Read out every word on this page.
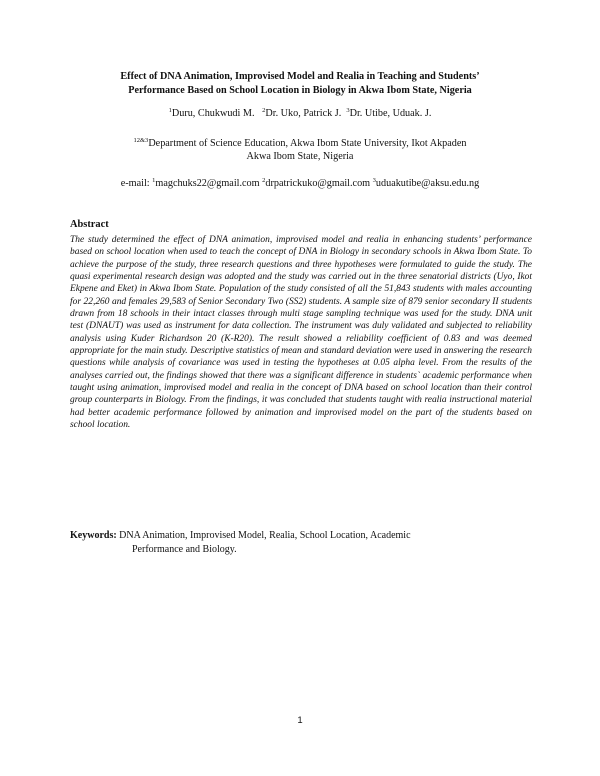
Effect of DNA Animation, Improvised Model and Realia in Teaching and Students’
Performance Based on School Location in Biology in Akwa Ibom State, Nigeria
$^1$Duru, Chukwudi M. $^2$Dr. Uko, Patrick J. $^3$Dr. Utibe, Uduak. J.
$^{12\&3}$Department of Science Education, Akwa Ibom State University, Ikot Akpaden
Akwa Ibom State, Nigeria
e-mail: $^1$magchuks22@gmail.com $^2$drpatrickuko@gmail.com $^3$uduakutibe@aksu.edu.ng
Abstract
The study determined the effect of DNA animation, improvised model and realia in enhancing students’ performance based on school location when used to teach the concept of DNA in Biology in secondary schools in Akwa Ibom State. To achieve the purpose of the study, three research questions and three hypotheses were formulated to guide the study. The quasi experimental research design was adopted and the study was carried out in the three senatorial districts (Uyo, Ikot Ekpene and Eket) in Akwa Ibom State. Population of the study consisted of all the 51,843 students with males accounting for 22,260 and females 29,583 of Senior Secondary Two (SS2) students. A sample size of 879 senior secondary II students drawn from 18 schools in their intact classes through multi stage sampling technique was used for the study. DNA unit test (DNAUT) was used as instrument for data collection. The instrument was duly validated and subjected to reliability analysis using Kuder Richardson 20 (K-R20). The result showed a reliability coefficient of 0.83 and was deemed appropriate for the main study. Descriptive statistics of mean and standard deviation were used in answering the research questions while analysis of covariance was used in testing the hypotheses at 0.05 alpha level. From the results of the analyses carried out, the findings showed that there was a significant difference in students` academic performance when taught using animation, improvised model and realia in the concept of DNA based on school location than their control group counterparts in Biology. From the findings, it was concluded that students taught with realia instructional material had better academic performance followed by animation and improvised model on the part of the students based on school location.
Keywords: DNA Animation, Improvised Model, Realia, School Location, Academic
Performance and Biology.
1
